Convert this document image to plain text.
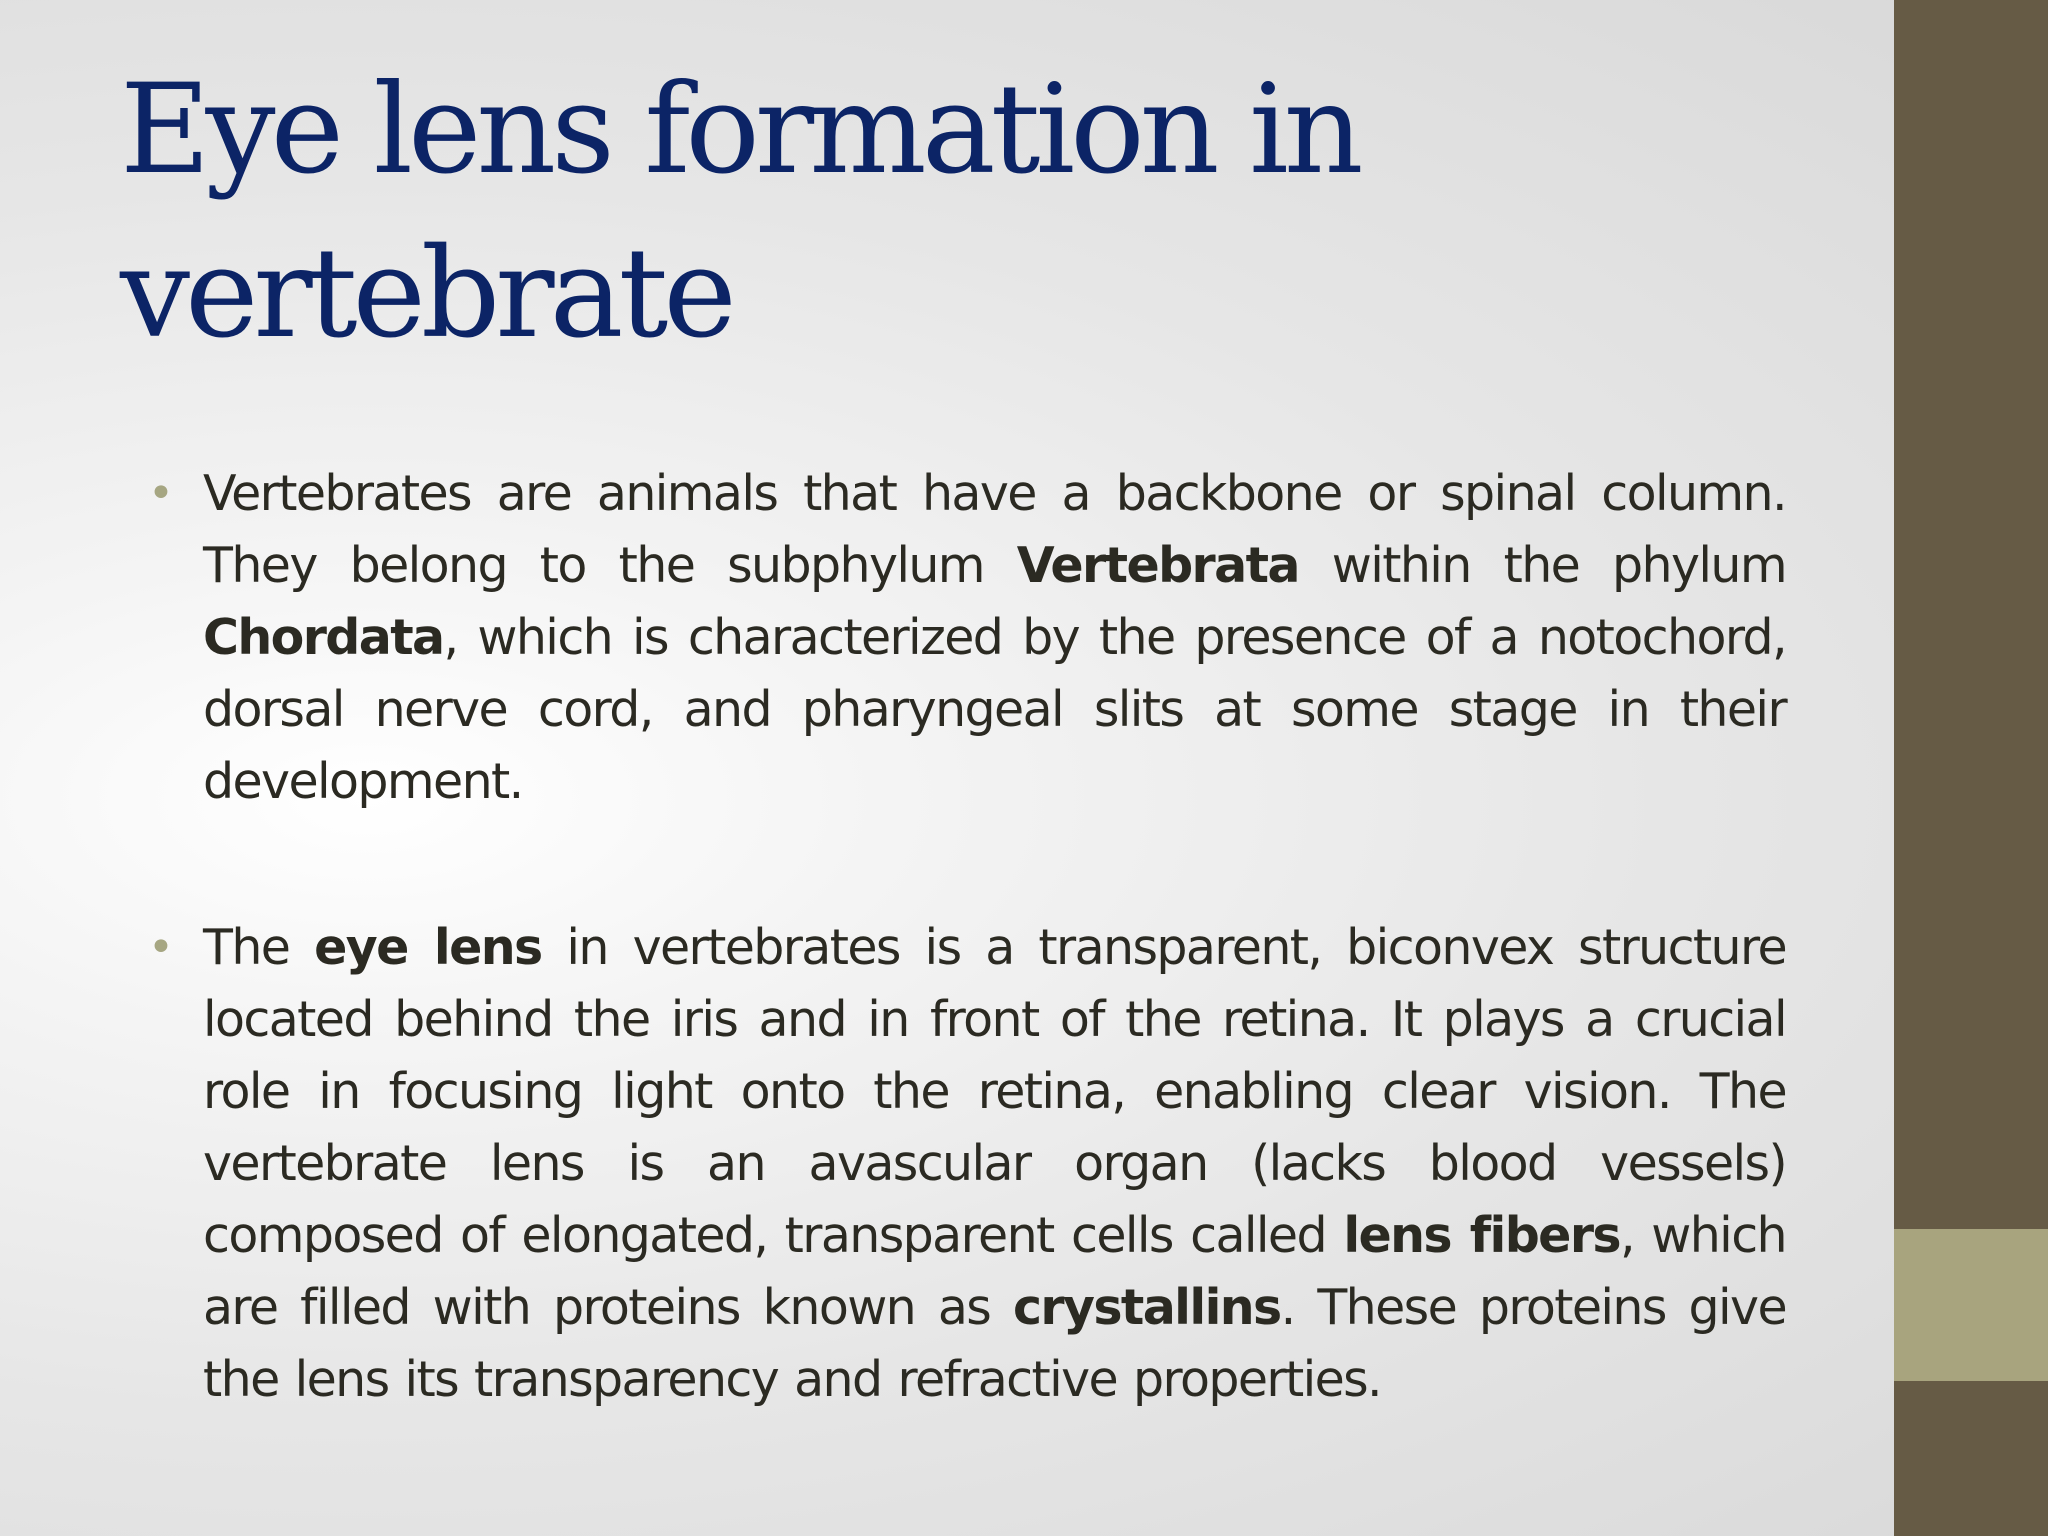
Eye lens formation in vertebrate
• Vertebrates are animals that have a backbone or spinal column. They belong to the subphylum Vertebrata within the phylum Chordata, which is characterized by the presence of a notochord, dorsal nerve cord, and pharyngeal slits at some stage in their development.
• The eye lens in vertebrates is a transparent, biconvex structure located behind the iris and in front of the retina. It plays a crucial role in focusing light onto the retina, enabling clear vision. The vertebrate lens is an avascular organ (lacks blood vessels) composed of elongated, transparent cells called lens fibers, which are filled with proteins known as crystallins. These proteins give the lens its transparency and refractive properties.
